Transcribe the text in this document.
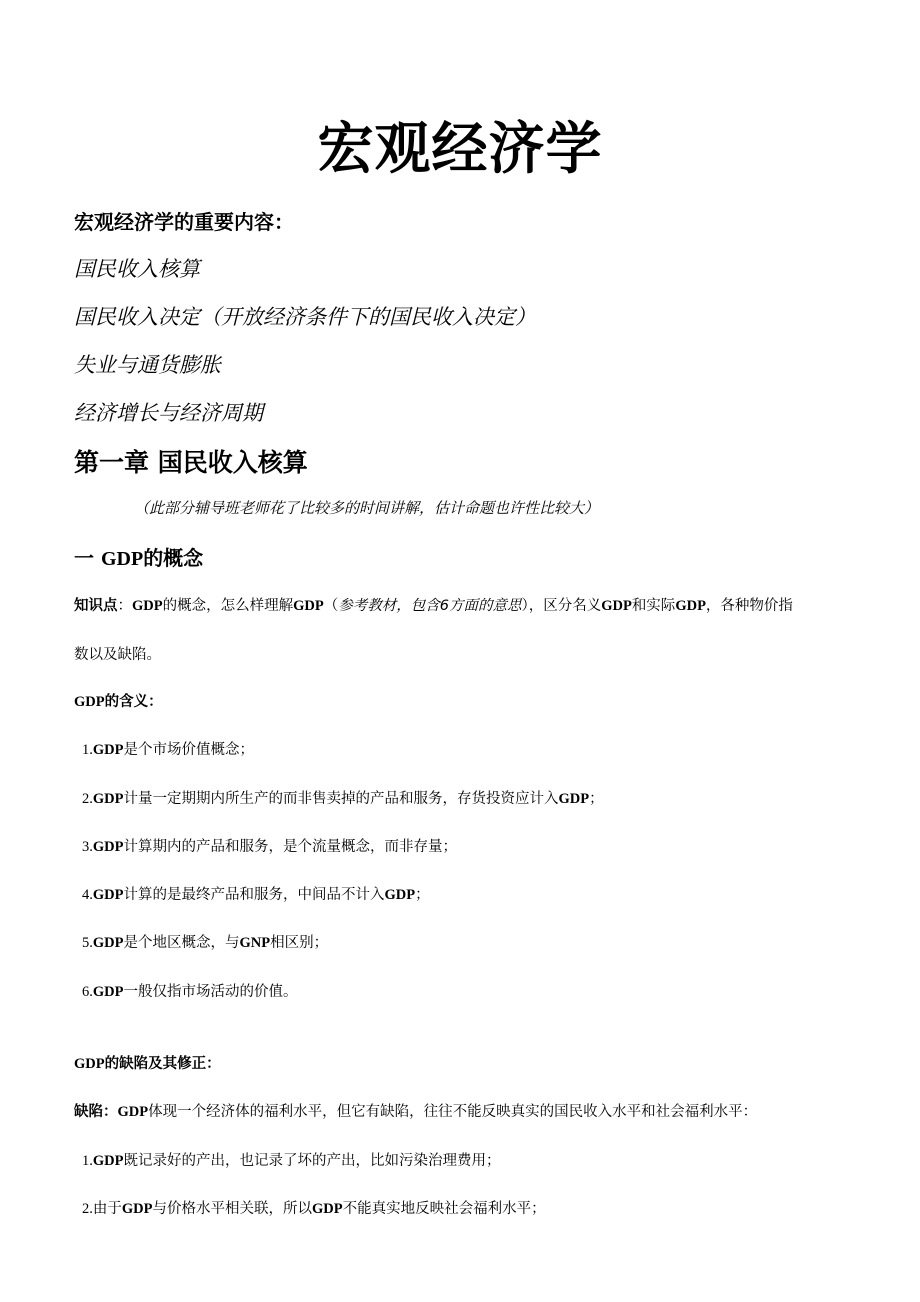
宏观经济学
宏观经济学的重要内容：
国民收入核算
国民收入决定（开放经济条件下的国民收入决定）
失业与通货膨胀
经济增长与经济周期
第一章 国民收入核算
（此部分辅导班老师花了比较多的时间讲解，估计命题也许性比较大）
一 GDP的概念
知识点：GDP的概念，怎么样理解GDP（参考教材，包含6方面的意思），区分名义GDP和实际GDP，各种物价指
数以及缺陷。
GDP的含义：
1.GDP是个市场价值概念；
2.GDP计量一定期期内所生产的而非售卖掉的产品和服务，存货投资应计入GDP；
3.GDP计算期内的产品和服务，是个流量概念，而非存量；
4.GDP计算的是最终产品和服务，中间品不计入GDP；
5.GDP是个地区概念，与GNP相区别；
6.GDP一般仅指市场活动的价值。
GDP的缺陷及其修正：
缺陷：GDP体现一个经济体的福利水平，但它有缺陷，往往不能反映真实的国民收入水平和社会福利水平：
1.GDP既记录好的产出，也记录了坏的产出，比如污染治理费用；
2.由于GDP与价格水平相关联，所以GDP不能真实地反映社会福利水平；
